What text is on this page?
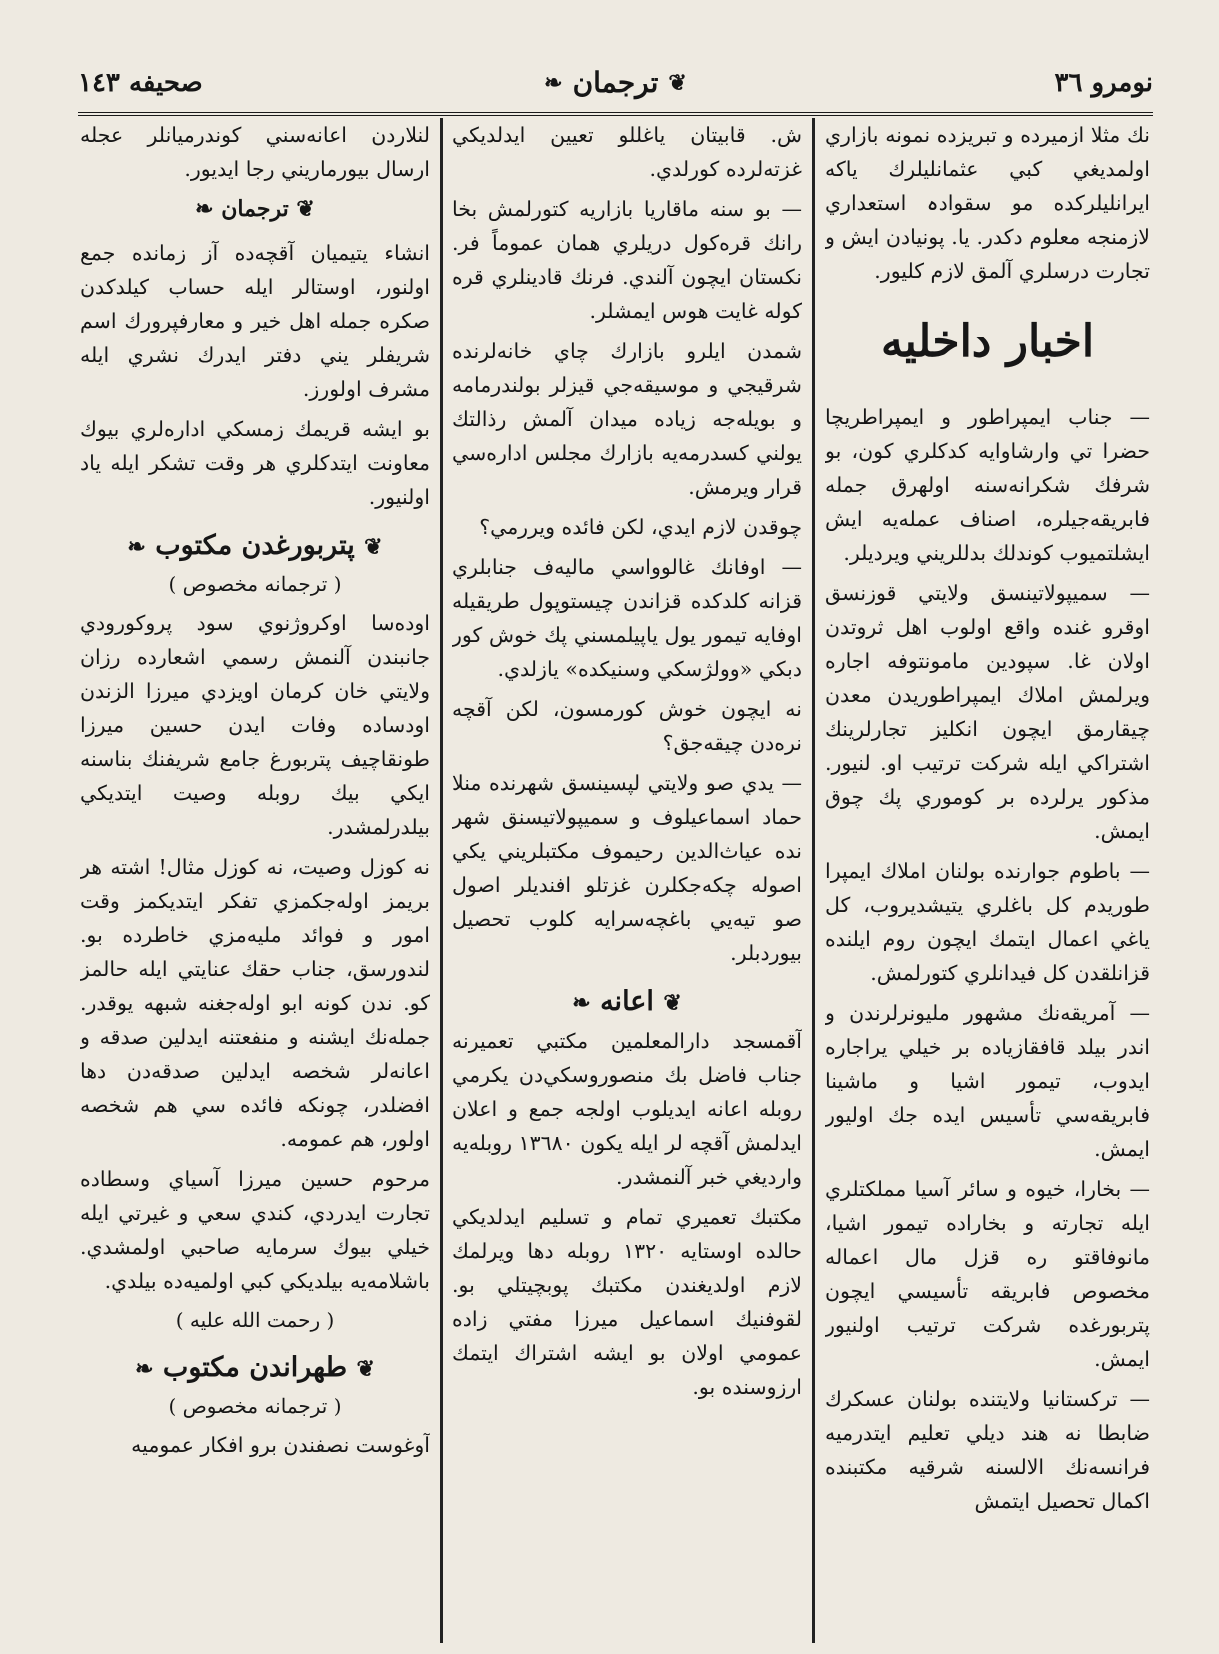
نومرو ٣٦
❦
ترجمان
❧
صحيفه ١٤٣

نك مثلا ازميرده و تبريزده نمونه بازاري اولمديغي كبي عثمانليلرك ياكه ايرانليلركده مو سقوادہ استعداري لازمنجه معلوم دكدر. يا. پونيادن ايش و تجارت درسلري آلمق لازم كليور.

اخبار داخليه

— جناب ايمپراطور و ايمپراطريچا حضرا تي وارشاوايه كدكلري كون، بو شرفك شكرانه‌سنه اولهرق جمله فابريقه‌جيلره، اصناف عمله‌يه ايش ايشلتميوب كوندلك بدللريني ويرديلر.

— سميپولاتينسق ولايتي قوزنسق اوقرو غنده واقع اولوب اهل ثروتدن اولان غا. سپودين مامونتوفه اجاره ويرلمش املاك ايمپراطوريدن معدن چيقارمق ايچون انكليز تجارلرينك اشتراكي ايله شركت ترتيب او. لنيور. مذكور يرلرده بر كوموري پك چوق ايمش.

— باطوم جوارنده بولنان املاك ايمپرا طوريدم كل باغلري يتيشديروب، كل ياغي اعمال ايتمك ايچون روم ايلنده قزانلقدن كل فيدانلري كتورلمش.

— آمريقه‌نك مشهور مليونرلرندن و اندر بيلد قافقازياده بر خيلي يراجاره ايدوب، تيمور اشيا و ماشينا فابريقه‌سي تأسيس ايده جك اوليور ايمش.

— بخارا، خيوه و سائر آسيا مملكتلري ايله تجارته و بخاراده تيمور اشيا، مانوفاقتو ره قزل مال اعماله مخصوص فابريقه تأسيسي ايچون پتربورغده شركت ترتيب اولنيور ايمش.

— تركستانيا ولايتنده بولنان عسكرك ضابطا نه هند ديلي تعليم ايتدرميه فرانسه‌نك الالسنه شرقيه مكتبنده اكمال تحصيل ايتمش

ش. قابيتان ياغللو تعيين ايدلديكي غزته‌لرده كورلدي.

— بو سنه ماقاريا بازاريه كتورلمش بخا رانك قره‌كول دريلري همان عموماً فر. نكستان ايچون آلندي. فرنك قادينلري قره كوله غايت هوس ايمشلر.

شمدن ايلرو بازارك چاي خانه‌لرنده شرقيجي و موسيقه‌جي قيزلر بولندرمامه و بويله‌جه زياده ميدان آلمش رذالتك يولني كسدرمه‌يه بازارك مجلس اداره‌سي قرار ويرمش.

چوقدن لازم ايدي، لكن فائده ويررمي؟

— اوفانك غالوواسي ماليه‌ف جنابلري قزانه كلدكده قزاندن چيستوپول طريقيله اوفايه تيمور يول ياپيلمسني پك خوش كور دبكي «وولژسكي وسنيكده» يازلدي.

نه ايچون خوش كورمسون، لكن آقچه نره‌دن چيقه‌جق؟

— يدي صو ولايتي لپسينسق شهرنده منلا حماد اسماعيلوف و سميپولاتيسنق شهر نده عياث‌الدين رحيموف مكتبلريني يكي اصوله چكه‌جكلرن غزتلو افنديلر اصول صو تيه‌يي باغچه‌سرايه كلوب تحصيل بيوردبلر.

❦ اعانه ❧

آقمسجد دارالمعلمين مكتبي تعميرنه جناب فاضل بك منصوروسكي‌دن يكرمي روبله اعانه ايديلوب اولجه جمع و اعلان ايدلمش آقچه لر ايله يكون ١٣٦٨٠ روبله‌يه وارديغي خبر آلنمشدر.

مكتبك تعميري تمام و تسليم ايدلديكي حالده اوستايه ١٣٢٠ روبله دها ويرلمك لازم اولديغندن مكتبك پوبچيتلي بو. لقوفنيك اسماعيل ميرزا مفتي زاده عمومي اولان بو ايشه اشتراك ايتمك ارزوسنده بو.

لنلاردن اعانه‌سني كوندرميانلر عجله ارسال بيورماريني رجا ايديور.

❦ ترجمان ❧

انشاء يتيميان آقچه‌ده آز زمانده جمع اولنور، اوستالر ايله حساب كيلدكدن صكره جمله اهل خير و معارفپرورك اسم شريفلر يني دفتر ايدرك نشري ايله مشرف اولورز.

بو ايشه قريمك زمسكي اداره‌لري بيوك معاونت ايتدكلري هر وقت تشكر ايله ياد اولنيور.

❦ پتربورغدن مكتوب ❧
( ترجمانه مخصوص )

اوده‌سا اوكروژنوي سود پروكورودي جانبندن آلنمش رسمي اشعارده رزان ولايتي خان كرمان اويزدي ميرزا الزندن اودساده وفات ايدن حسين ميرزا طونقاچيف پتربورغ جامع شريفنك بناسنه ايكي بيك روبله وصيت ايتديكي بيلدرلمشدر.

نه كوزل وصيت، نه كوزل مثال! اشته هر بريمز اوله‌جكمزي تفكر ايتديكمز وقت امور و فوائد مليه‌مزي خاطرده بو. لندورسق، جناب حقك عنايتي ايله حالمز كو. ندن كونه ابو اوله‌جغنه شبهه يوقدر. جمله‌نك ايشنه و منفعتنه ايدلين صدقه و اعانه‌لر شخصه ايدلين صدقه‌دن دها افضلدر، چونكه فائده سي هم شخصه اولور، هم عمومه.

مرحوم حسين ميرزا آسياي وسطاده تجارت ايدردي، كندي سعي و غيرتي ايله خيلي بيوك سرمايه صاحبي اولمشدي. باشلامه‌يه بيلديكي كبي اولميه‌ده بيلدي.

( رحمت الله عليه )
❦ طهراندن مكتوب ❧
( ترجمانه مخصوص )

آوغوست نصفندن برو افكار عموميه
